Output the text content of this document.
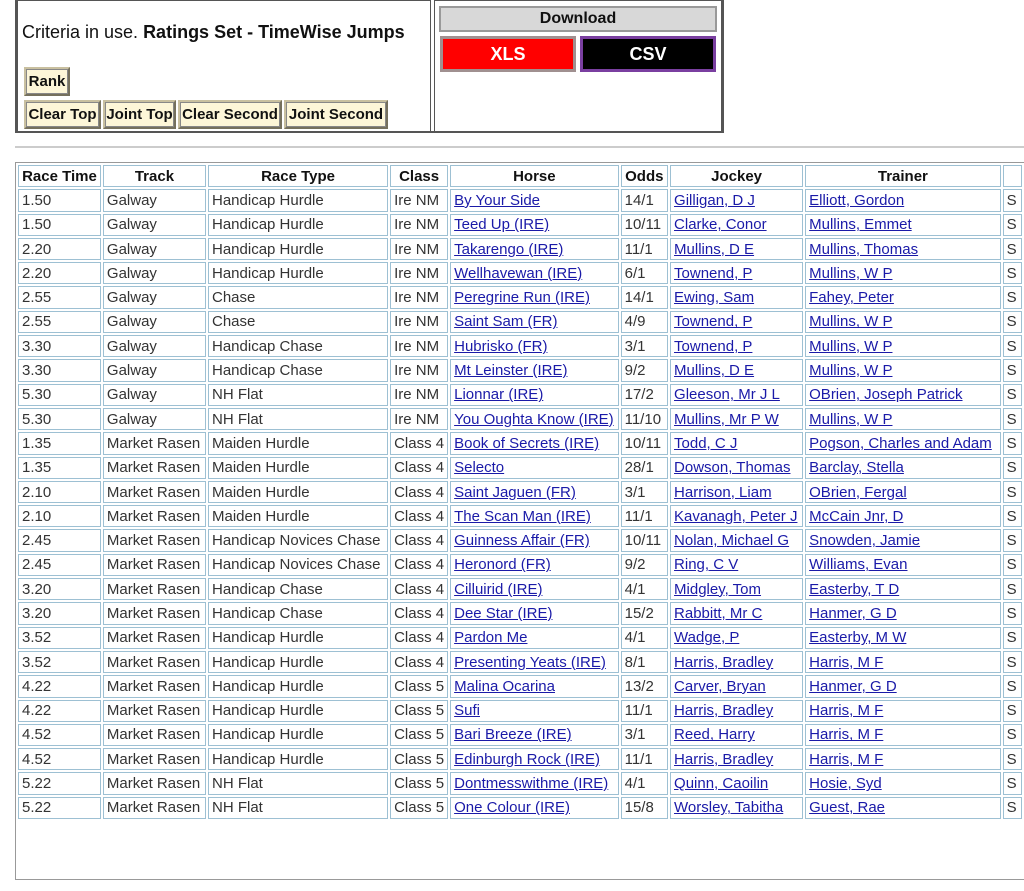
Criteria in use. Ratings Set - TimeWise Jumps
Rank
Clear Top Joint Top Clear Second Joint Second
Download
XLS	CSV
Race Time	Track	Race Type	Class	Horse	Odds	Jockey	Trainer	
1.50	Galway	Handicap Hurdle	Ire NM	By Your Side	14/1	Gilligan, D J	Elliott, Gordon	S
1.50	Galway	Handicap Hurdle	Ire NM	Teed Up (IRE)	10/11	Clarke, Conor	Mullins, Emmet	S
2.20	Galway	Handicap Hurdle	Ire NM	Takarengo (IRE)	11/1	Mullins, D E	Mullins, Thomas	S
2.20	Galway	Handicap Hurdle	Ire NM	Wellhavewan (IRE)	6/1	Townend, P	Mullins, W P	S
2.55	Galway	Chase	Ire NM	Peregrine Run (IRE)	14/1	Ewing, Sam	Fahey, Peter	S
2.55	Galway	Chase	Ire NM	Saint Sam (FR)	4/9	Townend, P	Mullins, W P	S
3.30	Galway	Handicap Chase	Ire NM	Hubrisko (FR)	3/1	Townend, P	Mullins, W P	S
3.30	Galway	Handicap Chase	Ire NM	Mt Leinster (IRE)	9/2	Mullins, D E	Mullins, W P	S
5.30	Galway	NH Flat	Ire NM	Lionnar (IRE)	17/2	Gleeson, Mr J L	OBrien, Joseph Patrick	S
5.30	Galway	NH Flat	Ire NM	You Oughta Know (IRE)	11/10	Mullins, Mr P W	Mullins, W P	S
1.35	Market Rasen	Maiden Hurdle	Class 4	Book of Secrets (IRE)	10/11	Todd, C J	Pogson, Charles and Adam	S
1.35	Market Rasen	Maiden Hurdle	Class 4	Selecto	28/1	Dowson, Thomas	Barclay, Stella	S
2.10	Market Rasen	Maiden Hurdle	Class 4	Saint Jaguen (FR)	3/1	Harrison, Liam	OBrien, Fergal	S
2.10	Market Rasen	Maiden Hurdle	Class 4	The Scan Man (IRE)	11/1	Kavanagh, Peter J	McCain Jnr, D	S
2.45	Market Rasen	Handicap Novices Chase	Class 4	Guinness Affair (FR)	10/11	Nolan, Michael G	Snowden, Jamie	S
2.45	Market Rasen	Handicap Novices Chase	Class 4	Heronord (FR)	9/2	Ring, C V	Williams, Evan	S
3.20	Market Rasen	Handicap Chase	Class 4	Cilluirid (IRE)	4/1	Midgley, Tom	Easterby, T D	S
3.20	Market Rasen	Handicap Chase	Class 4	Dee Star (IRE)	15/2	Rabbitt, Mr C	Hanmer, G D	S
3.52	Market Rasen	Handicap Hurdle	Class 4	Pardon Me	4/1	Wadge, P	Easterby, M W	S
3.52	Market Rasen	Handicap Hurdle	Class 4	Presenting Yeats (IRE)	8/1	Harris, Bradley	Harris, M F	S
4.22	Market Rasen	Handicap Hurdle	Class 5	Malina Ocarina	13/2	Carver, Bryan	Hanmer, G D	S
4.22	Market Rasen	Handicap Hurdle	Class 5	Sufi	11/1	Harris, Bradley	Harris, M F	S
4.52	Market Rasen	Handicap Hurdle	Class 5	Bari Breeze (IRE)	3/1	Reed, Harry	Harris, M F	S
4.52	Market Rasen	Handicap Hurdle	Class 5	Edinburgh Rock (IRE)	11/1	Harris, Bradley	Harris, M F	S
5.22	Market Rasen	NH Flat	Class 5	Dontmesswithme (IRE)	4/1	Quinn, Caoilin	Hosie, Syd	S
5.22	Market Rasen	NH Flat	Class 5	One Colour (IRE)	15/8	Worsley, Tabitha	Guest, Rae	S
